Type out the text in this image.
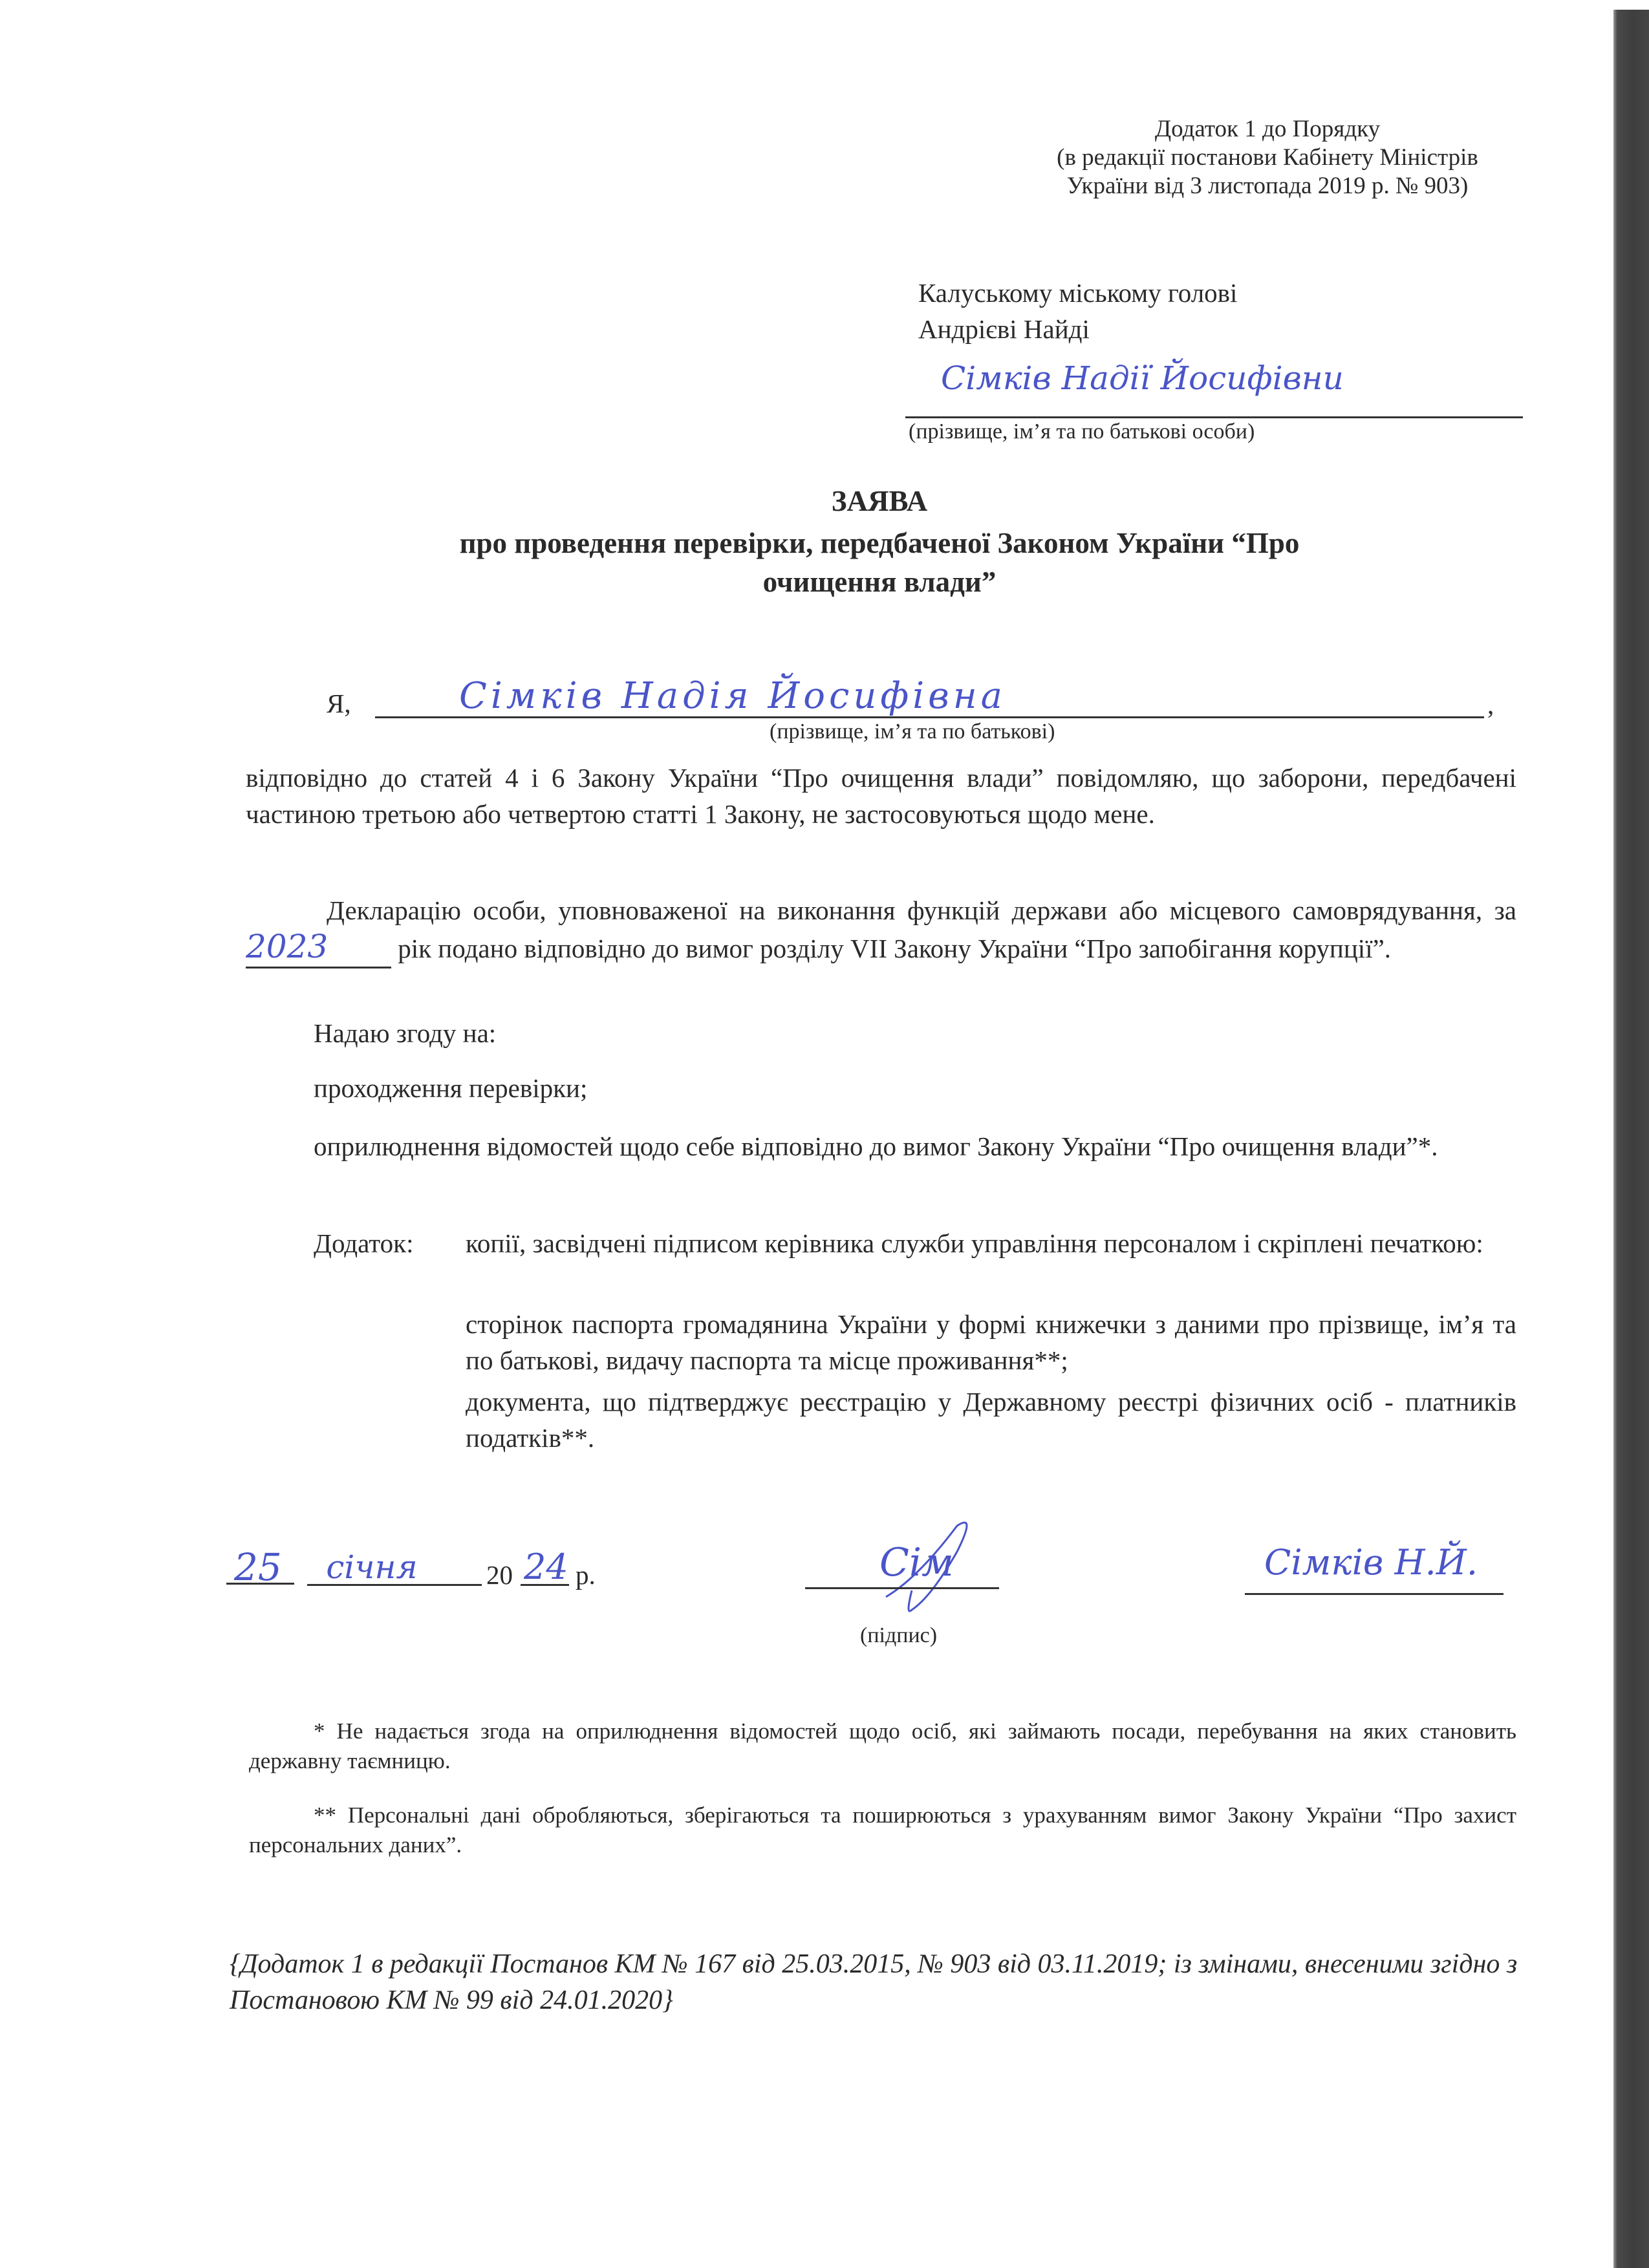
Додаток 1 до Порядку
(в редакції постанови Кабінету Міністрів
України від 3 листопада 2019 р. № 903)
Калуському міському голові
Андрієві Найді
Сімків Надії Йосифівни
(прізвище, ім’я та по батькові особи)
ЗАЯВА
про проведення перевірки, передбаченої Законом України “Про
очищення влади”
Я,	Сімків Надія Йосифівна	,
(прізвище, ім’я та по батькові)
відповідно до статей 4 і 6 Закону України “Про очищення влади” повідомляю, що заборони, передбачені частиною третьою або четвертою статті 1 Закону, не застосовуються щодо мене.
Декларацію особи, уповноваженої на виконання функцій держави або місцевого самоврядування, за 2023	рік подано відповідно до вимог розділу VII Закону України “Про запобігання корупції”.
Надаю згоду на:
проходження перевірки;
оприлюднення відомостей щодо себе відповідно до вимог Закону України “Про очищення влади”*.
Додаток: копії, засвідчені підписом керівника служби управління персоналом і скріплені печаткою:
сторінок паспорта громадянина України у формі книжечки з даними про прізвище, ім’я та по батькові, видачу паспорта та місце проживання**;
документа, що підтверджує реєстрацію у Державному реєстрі фізичних осіб - платників податків**.
25	січня	20 24 р.	Сім
(підпис)
Сімків Н.Й.
* Не надається згода на оприлюднення відомостей щодо осіб, які займають посади, перебування на яких становить державну таємницю.
** Персональні дані обробляються, зберігаються та поширюються з урахуванням вимог Закону України “Про захист персональних даних”.
{Додаток 1 в редакції Постанов КМ № 167 від 25.03.2015, № 903 від 03.11.2019; із змінами, внесеними згідно з Постановою КМ № 99 від 24.01.2020}
